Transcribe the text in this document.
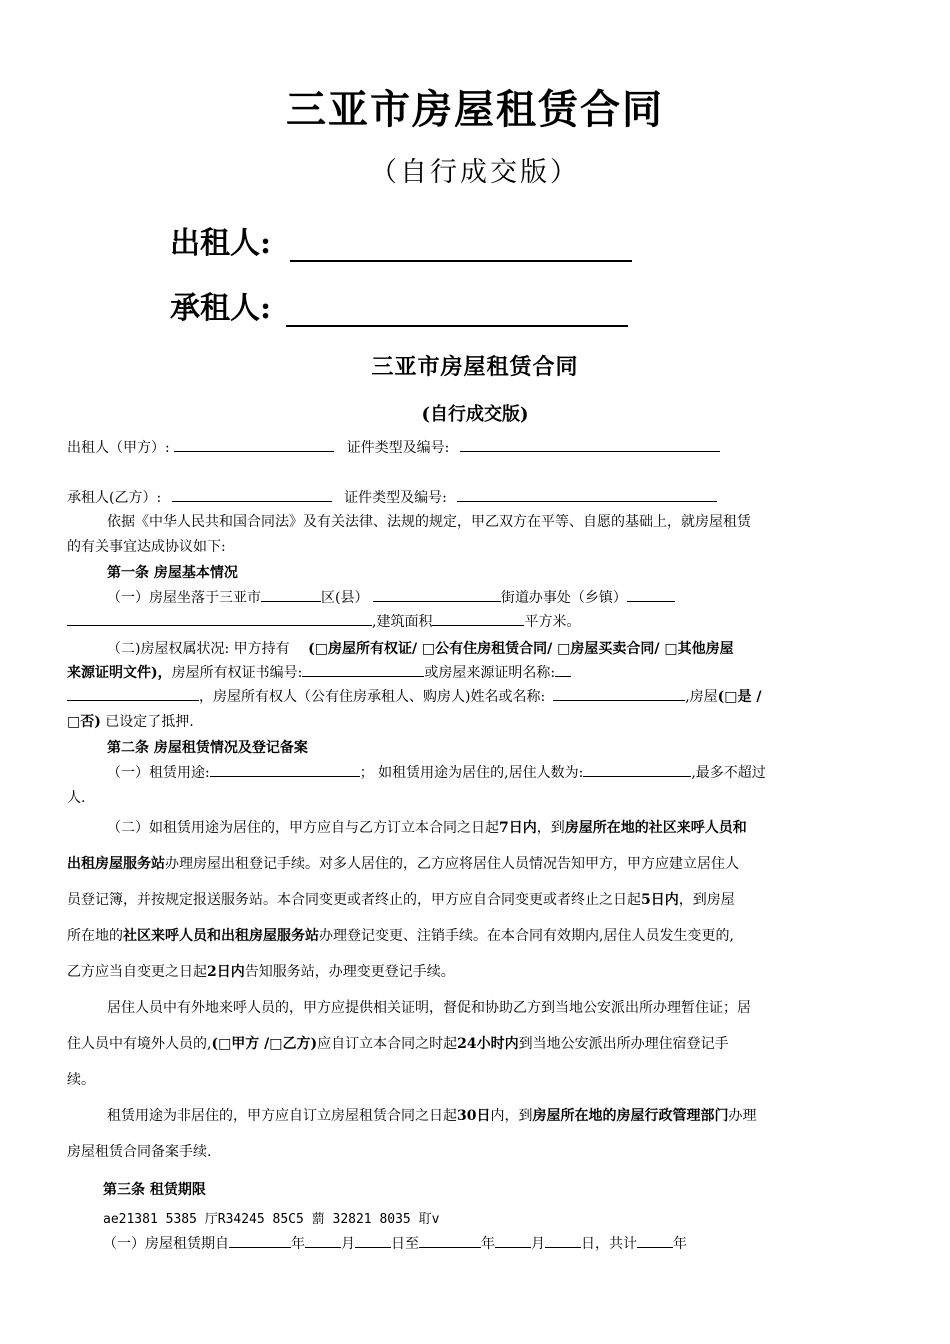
三亚市房屋租赁合同
（自行成交版）
出租人:
承租人:
三亚市房屋租赁合同
(自行成交版)
出租人（甲方）:	证件类型及编号:
承租人(乙方）:	证件类型及编号:
依据《中华人民共和国合同法》及有关法律、法规的规定，甲乙双方在平等、自愿的基础上，就房屋租赁
的有关事宜达成协议如下:
第一条 房屋基本情况
（一）房屋坐落于三亚市	区(县）	街道办事处（乡镇）
,建筑面积	平方米。
（二)房屋权属状况: 甲方持有 (□房屋所有权证/ □公有住房租赁合同/ □房屋买卖合同/ □其他房屋
来源证明文件)，房屋所有权证书编号:	或房屋来源证明名称:
，房屋所有权人（公有住房承租人、购房人)姓名或名称:	,房屋(□是 /
□否) 已设定了抵押.
第二条 房屋租赁情况及登记备案
（一）租赁用途:	； 如租赁用途为居住的,居住人数为:	,最多不超过
人.
（二）如租赁用途为居住的，甲方应自与乙方订立本合同之日起7日内，到房屋所在地的社区来呼人员和
出租房屋服务站办理房屋出租登记手续。对多人居住的，乙方应将居住人员情况告知甲方，甲方应建立居住人
员登记簿，并按规定报送服务站。本合同变更或者终止的，甲方应自合同变更或者终止之日起5日内，到房屋
所在地的社区来呼人员和出租房屋服务站办理登记变更、注销手续。在本合同有效期内,居住人员发生变更的,
乙方应当自变更之日起2日内告知服务站，办理变更登记手续。
居住人员中有外地来呼人员的，甲方应提供相关证明，督促和协助乙方到当地公安派出所办理暂住证；居
住人员中有境外人员的,(□甲方 /□乙方)应自订立本合同之时起24小时内到当地公安派出所办理住宿登记手
续。
租赁用途为非居住的，甲方应自订立房屋租赁合同之日起30日内，到房屋所在地的房屋行政管理部门办理
房屋租赁合同备案手续.
第三条 租赁期限
ae21381 5385 厅R34245 85C5 藅 32821 8035 耵v
（一）房屋租赁期自	年	月	日至	年	月	日，共计	年
